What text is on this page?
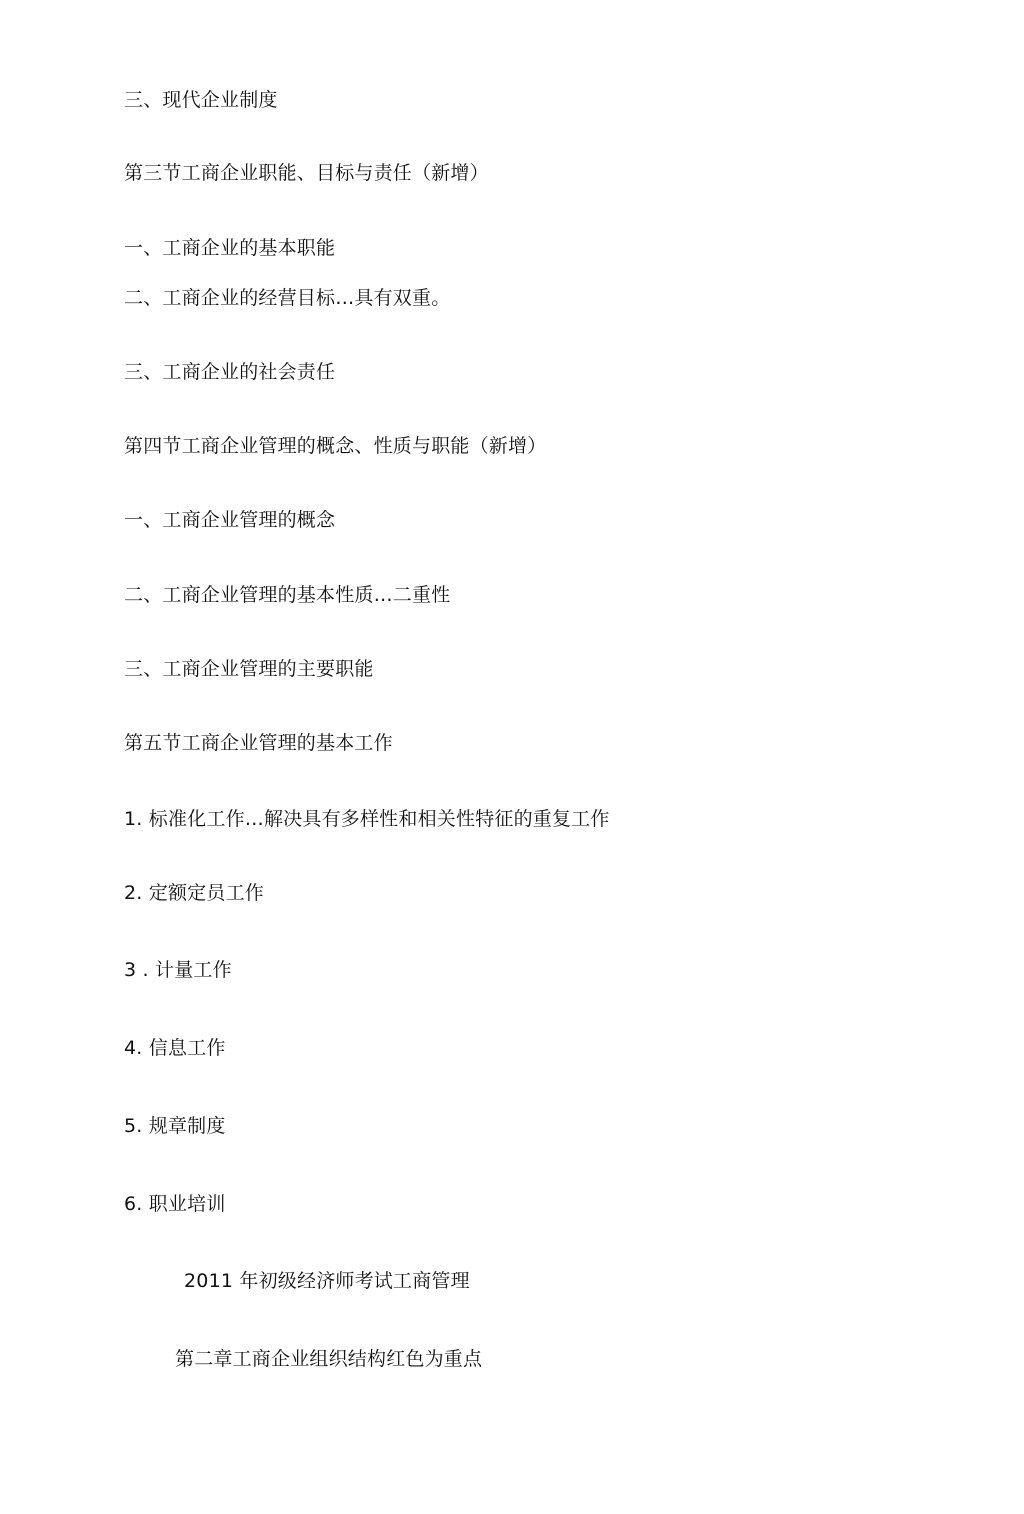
三、现代企业制度
第三节工商企业职能、目标与责任（新增）
一、工商企业的基本职能
二、工商企业的经营目标…具有双重。
三、工商企业的社会责任
第四节工商企业管理的概念、性质与职能（新增）
一、工商企业管理的概念
二、工商企业管理的基本性质…二重性
三、工商企业管理的主要职能
第五节工商企业管理的基本工作
1. 标准化工作…解决具有多样性和相关性特征的重复工作
2. 定额定员工作
3 . 计量工作
4. 信息工作
5. 规章制度
6. 职业培训
2011 年初级经济师考试工商管理
第二章工商企业组织结构红色为重点
